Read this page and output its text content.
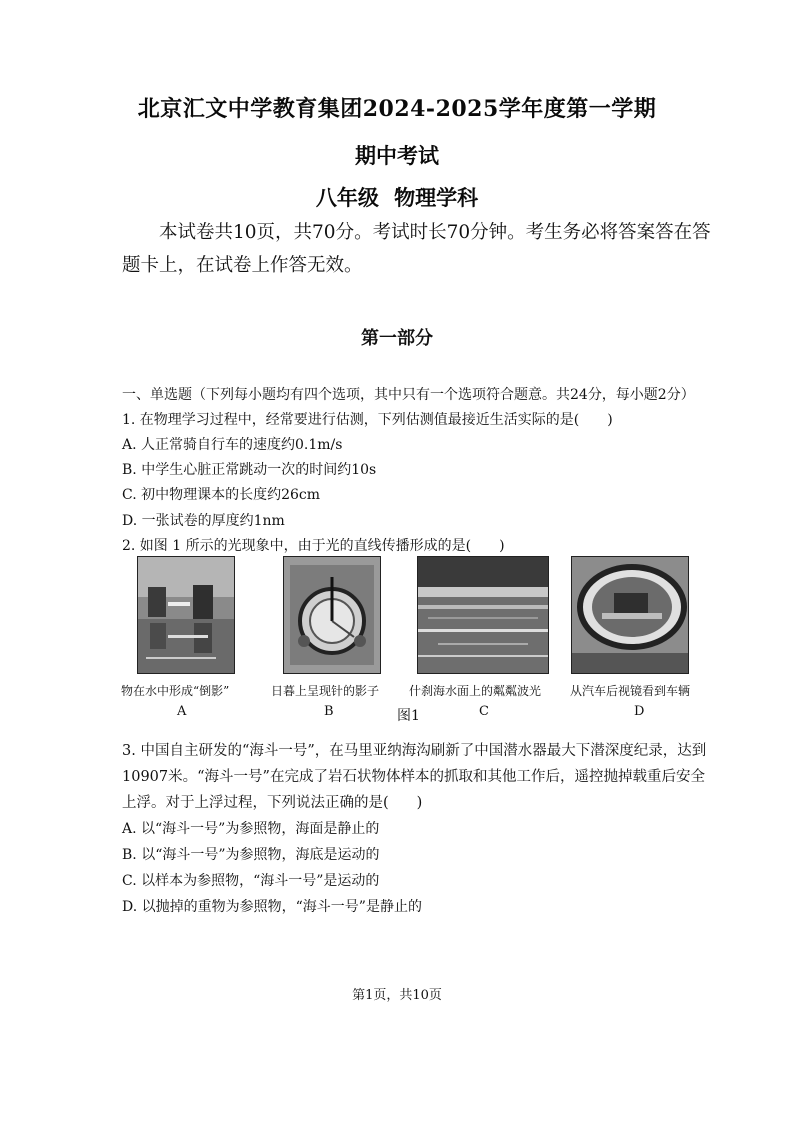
北京汇文中学教育集团2024-2025学年度第一学期
期中考试
八年级 物理学科
本试卷共10页，共70分。考试时长70分钟。考生务必将答案答在答题卡上，在试卷上作答无效。
第一部分
一、单选题（下列每小题均有四个选项，其中只有一个选项符合题意。共24分，每小题2分）
1. 在物理学习过程中，经常要进行估测，下列估测值最接近生活实际的是( )
A. 人正常骑自行车的速度约0.1m/s
B. 中学生心脏正常跳动一次的时间约10s
C. 初中物理课本的长度约26cm
D. 一张试卷的厚度约1nm
2. 如图 1 所示的光现象中，由于光的直线传播形成的是( )
物在水中形成“倒影”	日暮上呈现针的影子 什刹海水面上的粼粼波光 从汽车后视镜看到车辆
A	B	图1	C	D
3. 中国自主研发的“海斗一号”，在马里亚纳海沟刷新了中国潜水器最大下潜深度纪录，达到10907米。“海斗一号”在完成了岩石状物体样本的抓取和其他工作后，遥控抛掉载重后安全上浮。对于上浮过程，下列说法正确的是( )
A. 以“海斗一号”为参照物，海面是静止的
B. 以“海斗一号”为参照物，海底是运动的
C. 以样本为参照物，“海斗一号”是运动的
D. 以抛掉的重物为参照物，“海斗一号”是静止的
第1页，共10页
